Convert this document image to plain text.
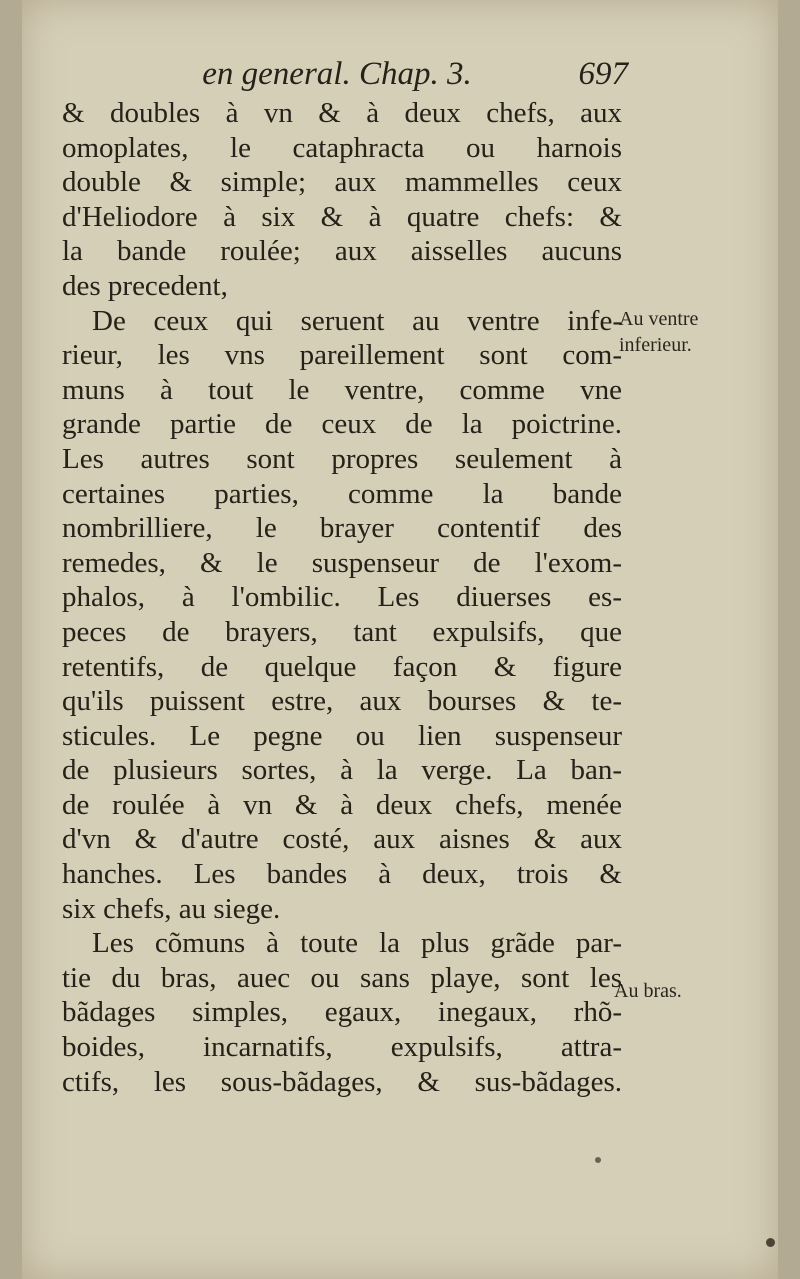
en general. Chap. 3.	697
& doubles à vn & à deux chefs, aux
omoplates, le cataphracta ou harnois
double & simple; aux mammelles ceux
d'Heliodore à six & à quatre chefs: &
la bande roulée; aux aisselles aucuns
des precedent,
De ceux qui seruent au ventre infe-
rieur, les vns pareillement sont com-
muns à tout le ventre, comme vne
grande partie de ceux de la poictrine.
Les autres sont propres seulement à
certaines parties, comme la bande
nombrilliere, le brayer contentif des
remedes, & le suspenseur de l'exom-
phalos, à l'ombilic. Les diuerses es-
peces de brayers, tant expulsifs, que
retentifs, de quelque façon & figure
qu'ils puissent estre, aux bourses & te-
sticules. Le pegne ou lien suspenseur
de plusieurs sortes, à la verge. La ban-
de roulée à vn & à deux chefs, menée
d'vn & d'autre costé, aux aisnes & aux
hanches. Les bandes à deux, trois &
six chefs, au siege.
Les cõmuns à toute la plus grãde par-
tie du bras, auec ou sans playe, sont les
bãdages simples, egaux, inegaux, rhõ-
boides, incarnatifs, expulsifs, attra-
ctifs, les sous-bãdages, & sus-bãdages.
Au ventre
inferieur.
Au bras.
